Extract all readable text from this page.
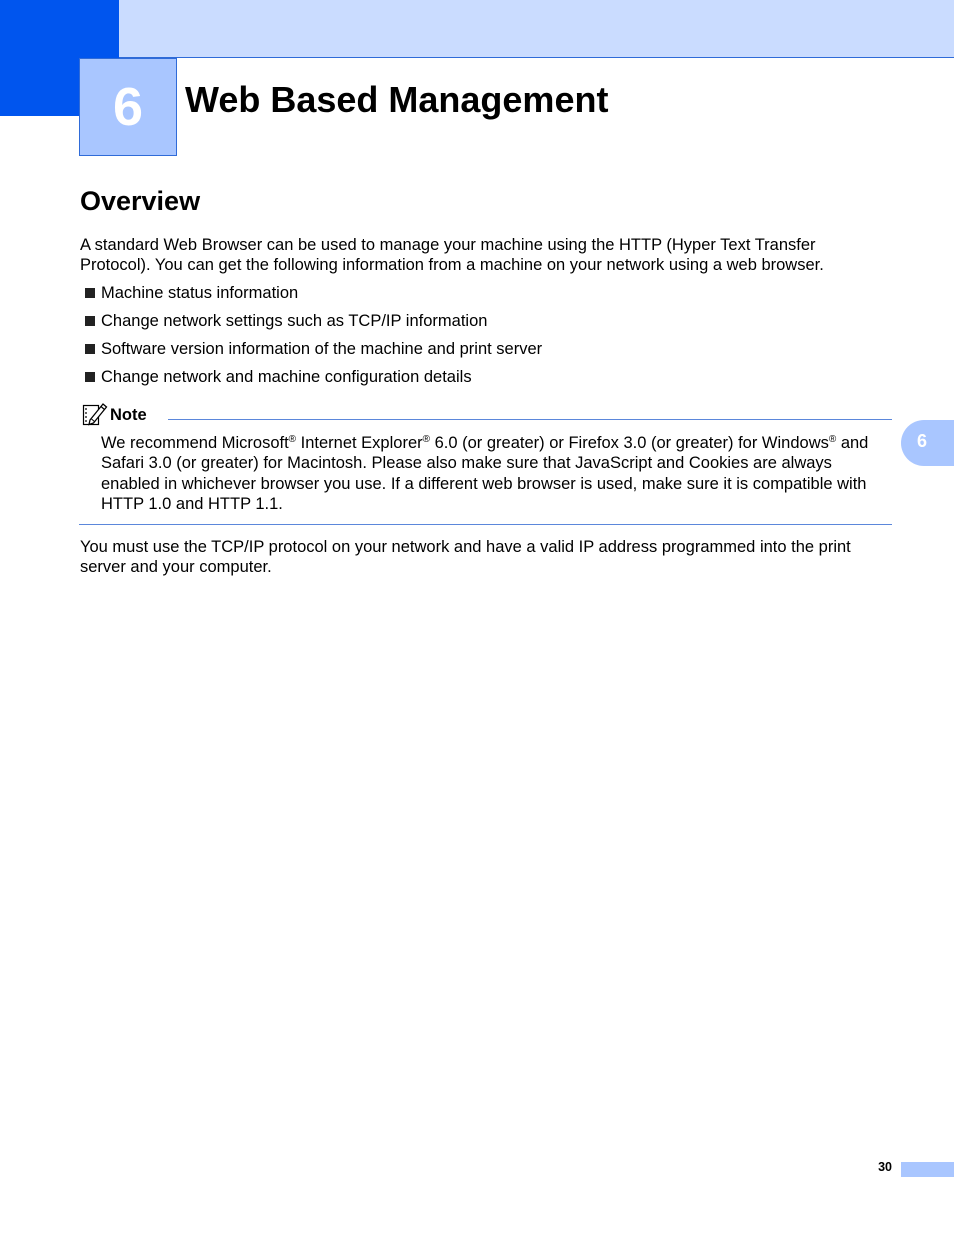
6 Web Based Management
Overview
A standard Web Browser can be used to manage your machine using the HTTP (Hyper Text Transfer Protocol). You can get the following information from a machine on your network using a web browser.
Machine status information
Change network settings such as TCP/IP information
Software version information of the machine and print server
Change network and machine configuration details
Note
We recommend Microsoft® Internet Explorer® 6.0 (or greater) or Firefox 3.0 (or greater) for Windows® and Safari 3.0 (or greater) for Macintosh. Please also make sure that JavaScript and Cookies are always enabled in whichever browser you use. If a different web browser is used, make sure it is compatible with HTTP 1.0 and HTTP 1.1.
You must use the TCP/IP protocol on your network and have a valid IP address programmed into the print server and your computer.
6
30
